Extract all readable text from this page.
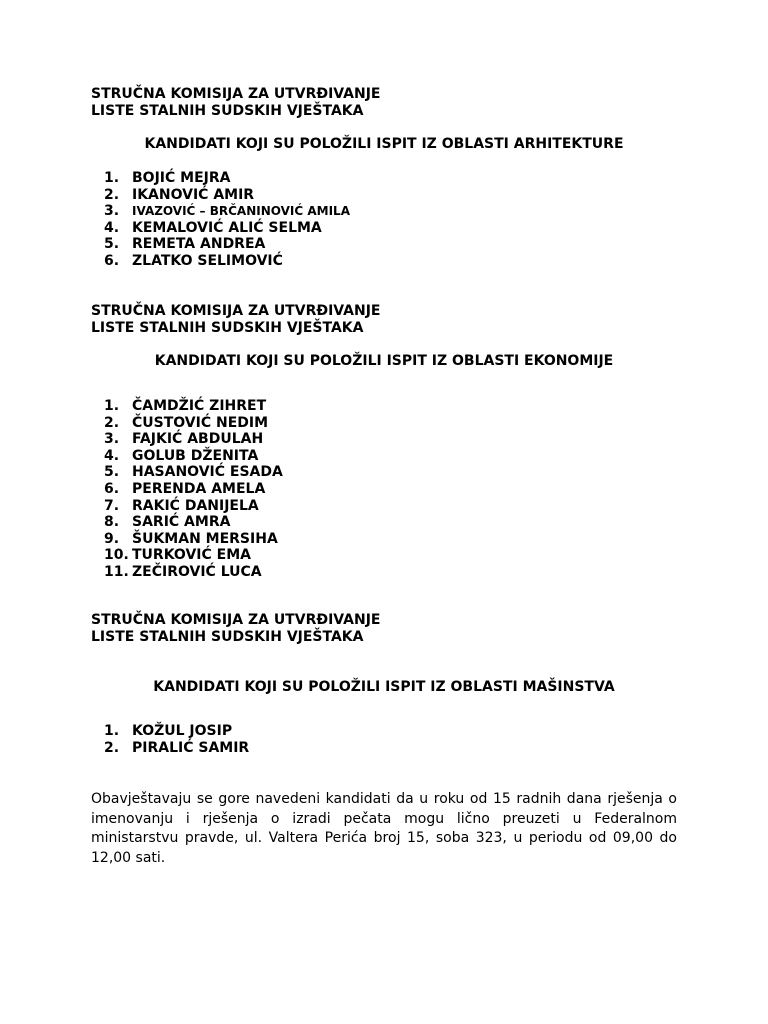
STRUČNA KOMISIJA ZA UTVRĐIVANJE
LISTE STALNIH SUDSKIH VJEŠTAKA
KANDIDATI KOJI SU POLOŽILI ISPIT IZ OBLASTI ARHITEKTURE
1. BOJIĆ MEJRA
2. IKANOVIĆ AMIR
3.	IVAZOVIĆ – BRČANINOVIĆ AMILA
4. KEMALOVIĆ ALIĆ SELMA
5. REMETA ANDREA
6. ZLATKO SELIMOVIĆ
STRUČNA KOMISIJA ZA UTVRĐIVANJE
LISTE STALNIH SUDSKIH VJEŠTAKA
KANDIDATI KOJI SU POLOŽILI ISPIT IZ OBLASTI EKONOMIJE
1. ČAMDŽIĆ ZIHRET
2. ČUSTOVIĆ NEDIM
3. FAJKIĆ ABDULAH
4. GOLUB DŽENITA
5. HASANOVIĆ ESADA
6. PERENDA AMELA
7. RAKIĆ DANIJELA
8. SARIĆ AMRA
9. ŠUKMAN MERSIHA
10. TURKOVIĆ EMA
11. ZEČIROVIĆ LUCA
STRUČNA KOMISIJA ZA UTVRĐIVANJE
LISTE STALNIH SUDSKIH VJEŠTAKA
KANDIDATI KOJI SU POLOŽILI ISPIT IZ OBLASTI MAŠINSTVA
1. KOŽUL JOSIP
2. PIRALIĆ SAMIR

Obavještavaju se gore navedeni kandidati da u roku od 15 radnih dana rješenja o imenovanju i rješenja o izradi pečata mogu lično preuzeti u Federalnom ministarstvu pravde, ul. Valtera Perića broj 15, soba 323, u periodu od 09,00 do 12,00 sati.
